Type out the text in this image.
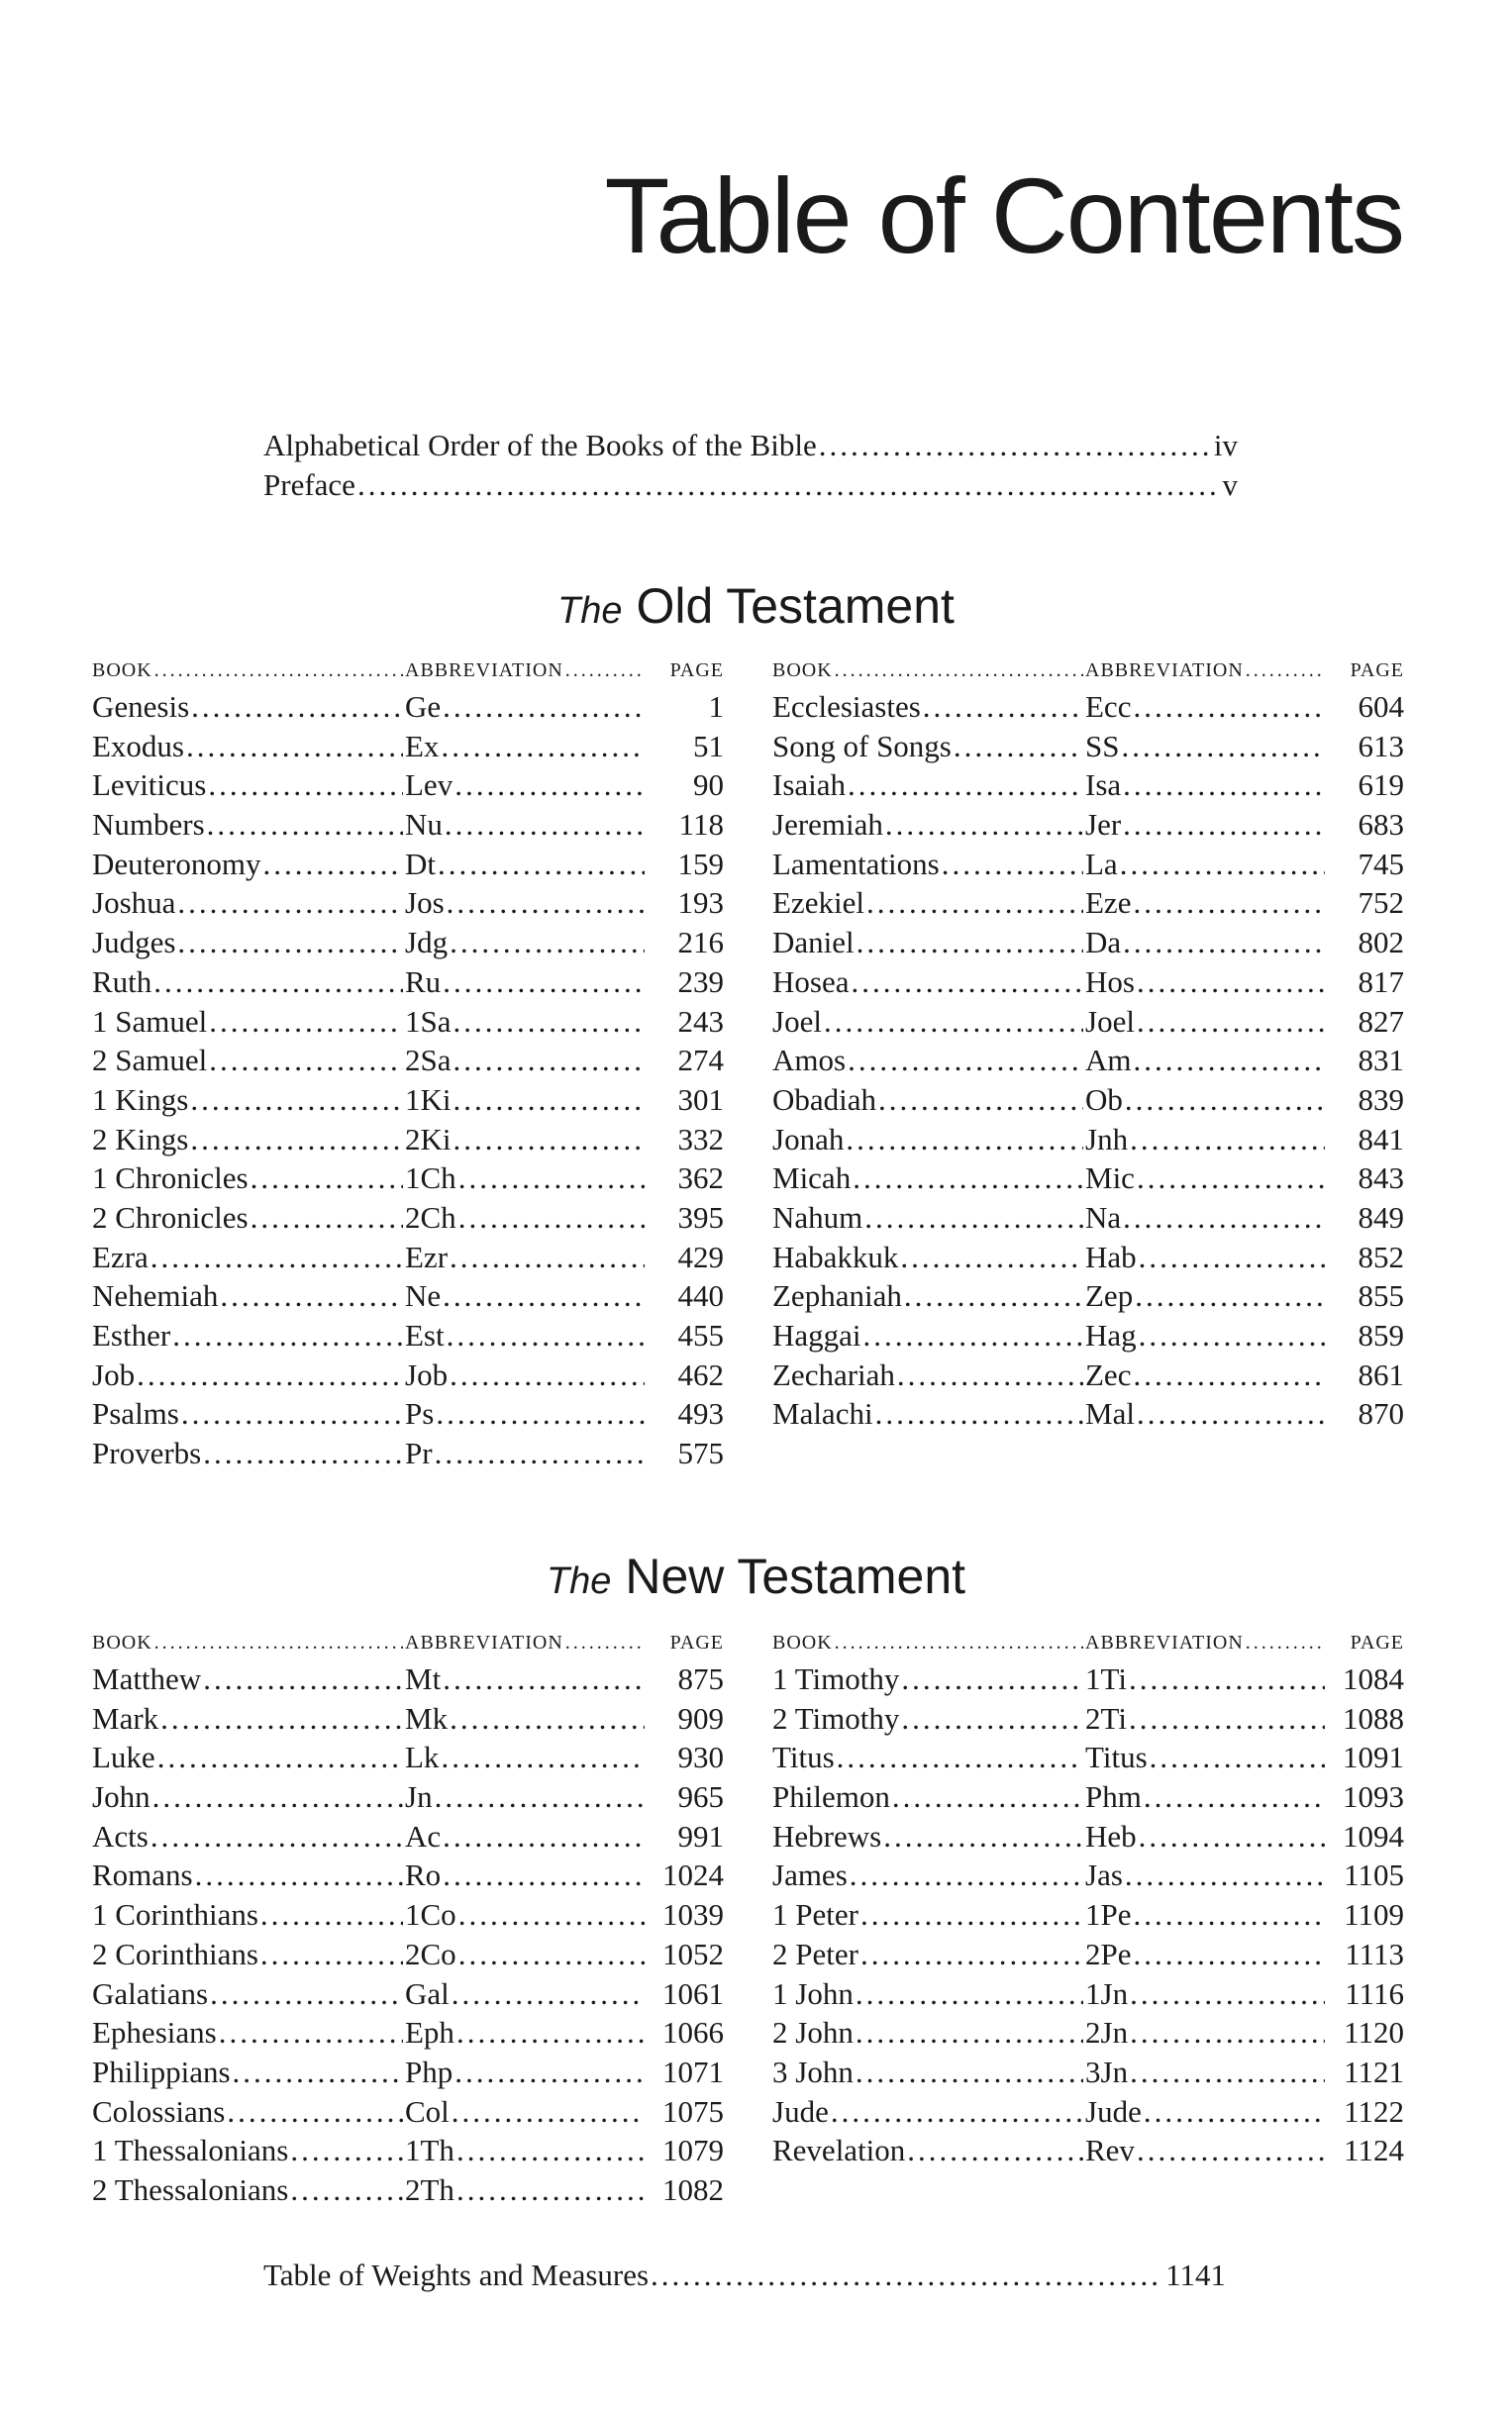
Table of Contents
Alphabetical Order of the Books of the Bible .....	iv
Preface .....	v
The Old Testament
BOOK .....	ABBREVIATION .....	PAGE
Genesis .....	Ge .....	1
Exodus .....	Ex .....	51
Leviticus .....	Lev .....	90
Numbers .....	Nu .....	118
Deuteronomy .....	Dt .....	159
Joshua .....	Jos .....	193
Judges .....	Jdg .....	216
Ruth .....	Ru .....	239
1 Samuel .....	1Sa .....	243
2 Samuel .....	2Sa .....	274
1 Kings .....	1Ki .....	301
2 Kings .....	2Ki .....	332
1 Chronicles .....	1Ch .....	362
2 Chronicles .....	2Ch .....	395
Ezra .....	Ezr .....	429
Nehemiah .....	Ne .....	440
Esther .....	Est .....	455
Job .....	Job .....	462
Psalms .....	Ps .....	493
Proverbs .....	Pr .....	575
BOOK .....	ABBREVIATION .....	PAGE
Ecclesiastes .....	Ecc .....	604
Song of Songs .....	SS .....	613
Isaiah .....	Isa .....	619
Jeremiah .....	Jer .....	683
Lamentations .....	La .....	745
Ezekiel .....	Eze .....	752
Daniel .....	Da .....	802
Hosea .....	Hos .....	817
Joel .....	Joel .....	827
Amos .....	Am .....	831
Obadiah .....	Ob .....	839
Jonah .....	Jnh .....	841
Micah .....	Mic .....	843
Nahum .....	Na .....	849
Habakkuk .....	Hab .....	852
Zephaniah .....	Zep .....	855
Haggai .....	Hag .....	859
Zechariah .....	Zec .....	861
Malachi .....	Mal .....	870
The New Testament
BOOK .....	ABBREVIATION .....	PAGE
Matthew .....	Mt .....	875
Mark .....	Mk .....	909
Luke .....	Lk .....	930
John .....	Jn .....	965
Acts .....	Ac .....	991
Romans .....	Ro .....	1024
1 Corinthians .....	1Co .....	1039
2 Corinthians .....	2Co .....	1052
Galatians .....	Gal .....	1061
Ephesians .....	Eph .....	1066
Philippians .....	Php .....	1071
Colossians .....	Col .....	1075
1 Thessalonians .....	1Th .....	1079
2 Thessalonians .....	2Th .....	1082
BOOK .....	ABBREVIATION .....	PAGE
1 Timothy .....	1Ti .....	1084
2 Timothy .....	2Ti .....	1088
Titus .....	Titus .....	1091
Philemon .....	Phm .....	1093
Hebrews .....	Heb .....	1094
James .....	Jas .....	1105
1 Peter .....	1Pe .....	1109
2 Peter .....	2Pe .....	1113
1 John .....	1Jn .....	1116
2 John .....	2Jn .....	1120
3 John .....	3Jn .....	1121
Jude .....	Jude .....	1122
Revelation .....	Rev .....	1124
Table of Weights and Measures .....	1141
